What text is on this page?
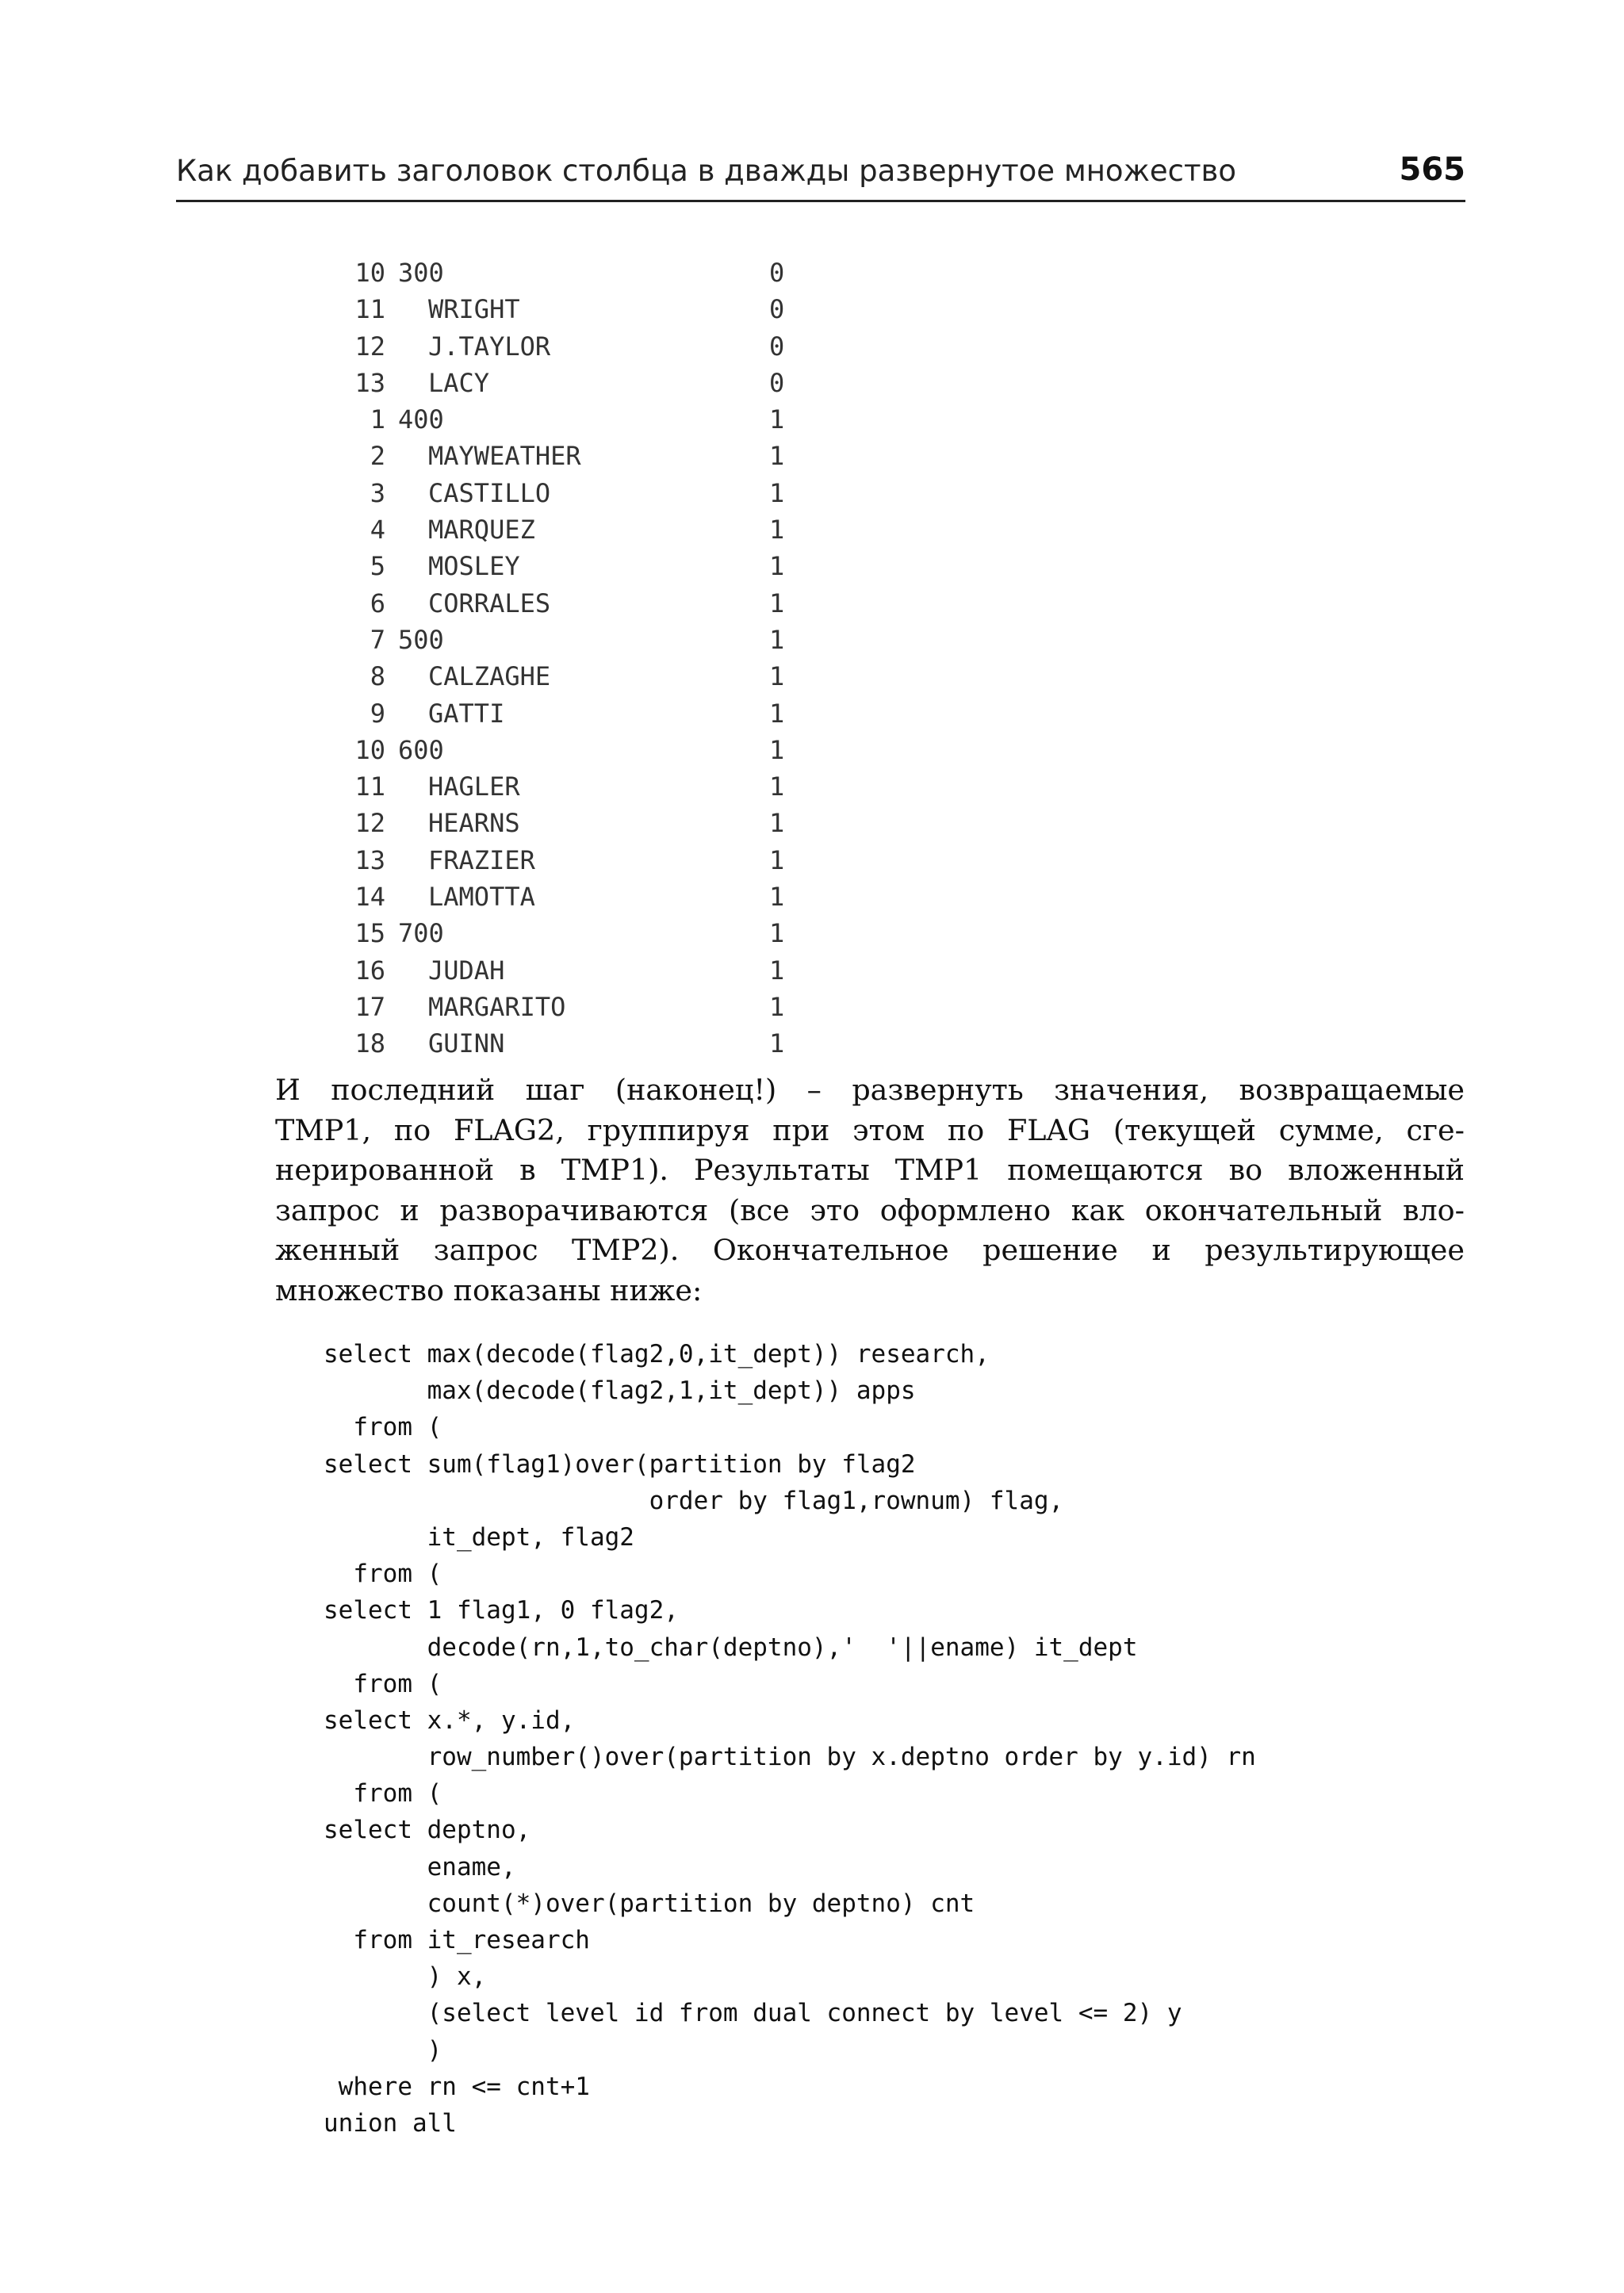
Как добавить заголовок столбца в дважды развернутое множество	565
10 300	0
11 WRIGHT	0
12 J.TAYLOR	0
13 LACY	0
1 400	1
2 MAYWEATHER	1
3 CASTILLO	1
4 MARQUEZ	1
5 MOSLEY	1
6 CORRALES	1
7 500	1
8 CALZAGHE	1
9 GATTI	1
10 600	1
11 HAGLER	1
12 HEARNS	1
13 FRAZIER	1
14 LAMOTTA	1
15 700	1
16 JUDAH	1
17 MARGARITO	1
18 GUINN	1
И последний шаг (наконец!) – развернуть значения, возвращаемые
TMP1, по FLAG2, группируя при этом по FLAG (текущей сумме, сге-
нерированной в TMP1). Результаты TMP1 помещаются во вложенный
запрос и разворачиваются (все это оформлено как окончательный вло-
женный запрос TMP2). Окончательное решение и результирующее
множество показаны ниже:
select max(decode(flag2,0,it_dept)) research,
max(decode(flag2,1,it_dept)) apps
from (
select sum(flag1)over(partition by flag2
order by flag1,rownum) flag,
it_dept, flag2
from (
select 1 flag1, 0 flag2,
decode(rn,1,to_char(deptno),'  '||ename) it_dept
from (
select x.*, y.id,
row_number()over(partition by x.deptno order by y.id) rn
from (
select deptno,
ename,
count(*)over(partition by deptno) cnt
from it_research
) x,
(select level id from dual connect by level <= 2) y
)
where rn <= cnt+1
union all
